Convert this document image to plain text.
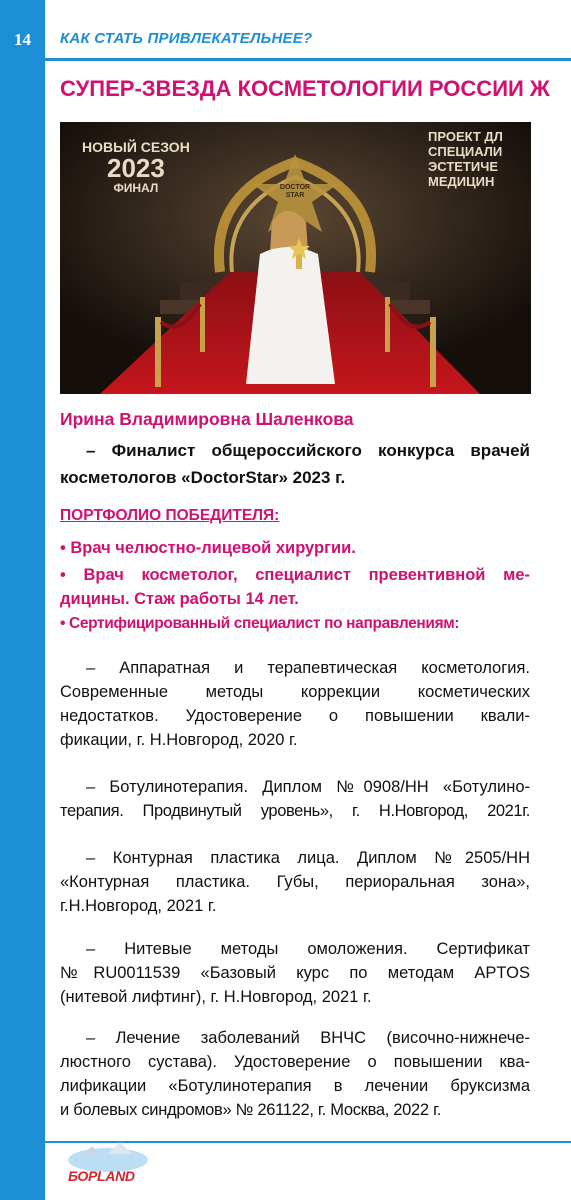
14	КАК СТАТЬ ПРИВЛЕКАТЕЛЬНЕЕ?
СУПЕР-ЗВЕЗДА КОСМЕТОЛОГИИ РОССИИ Ж
НОВЫЙ СЕЗОН
2023
ФИНАЛ
ПРОЕКТ ДЛ
СПЕЦИАЛИ
ЭСТЕТИЧЕ
МЕДИЦИН
DOCTOR
STAR
Ирина Владимировна Шаленкова
– Финалист общероссийского конкурса врачей
косметологов «DoctorStar» 2023 г.
ПОРТФОЛИО ПОБЕДИТЕЛЯ:
• Врач челюстно-лицевой хирургии.
• Врач косметолог, специалист превентивной ме-
дицины. Стаж работы 14 лет.
• Сертифицированный специалист по направлениям:
– Аппаратная и терапевтическая косметология.
Современные методы коррекции косметических
недостатков. Удостоверение о повышении квали-
фикации, г. Н.Новгород, 2020 г.
– Ботулинотерапия. Диплом №0908/НН «Ботулино-
терапия. Продвинутый уровень», г. Н.Новгород, 2021г.
– Контурная пластика лица. Диплом №2505/НН
«Контурная пластика. Губы, периоральная зона»,
г.Н.Новгород, 2021 г.
– Нитевые методы омоложения. Сертификат
№RU0011539 «Базовый курс по методам APTOS
(нитевой лифтинг), г. Н.Новгород, 2021 г.
– Лечение заболеваний ВНЧС (височно-нижнече-
люстного сустава). Удостоверение о повышении ква-
лификации «Ботулинотерапия в лечении бруксизма
и болевых синдромов» № 261122, г. Москва, 2022 г.
БОРLAND
